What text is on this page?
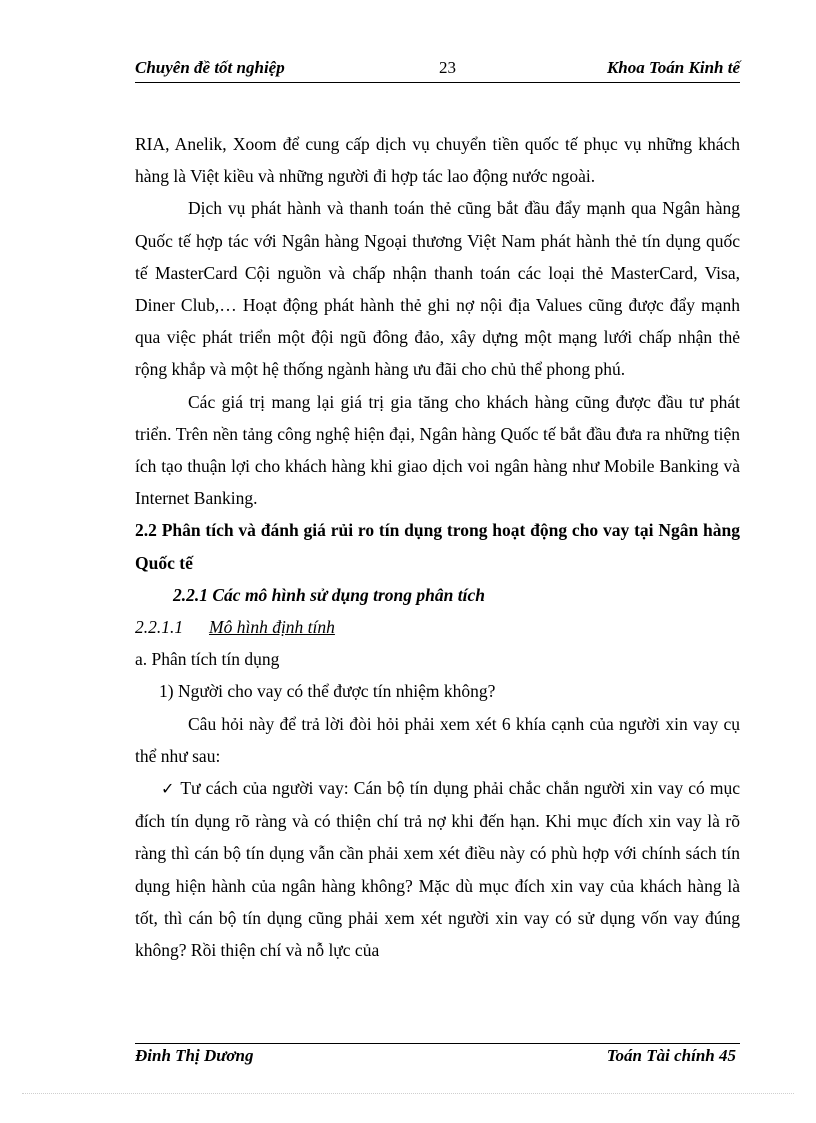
Chuyên đề tốt nghiệp	23	Khoa Toán Kinh tế

RIA, Anelik, Xoom để cung cấp dịch vụ chuyển tiền quốc tế phục vụ những khách hàng là Việt kiều và những người đi hợp tác lao động nước ngoài.

Dịch vụ phát hành và thanh toán thẻ cũng bắt đầu đẩy mạnh qua Ngân hàng Quốc tế hợp tác với Ngân hàng Ngoại thương Việt Nam phát hành thẻ tín dụng quốc tế MasterCard Cội nguồn và chấp nhận thanh toán các loại thẻ MasterCard, Visa, Diner Club,… Hoạt động phát hành thẻ ghi nợ nội địa Values cũng được đẩy mạnh qua việc phát triển một đội ngũ đông đảo, xây dựng một mạng lưới chấp nhận thẻ rộng khắp và một hệ thống ngành hàng ưu đãi cho chủ thể phong phú.

Các giá trị mang lại giá trị gia tăng cho khách hàng cũng được đầu tư phát triển. Trên nền tảng công nghệ hiện đại, Ngân hàng Quốc tế bắt đầu đưa ra những tiện ích tạo thuận lợi cho khách hàng khi giao dịch voi ngân hàng như Mobile Banking và Internet Banking.

2.2 Phân tích và đánh giá rủi ro tín dụng trong hoạt động cho vay tại Ngân hàng Quốc tế

2.2.1 Các mô hình sử dụng trong phân tích

2.2.1.1 Mô hình định tính

a. Phân tích tín dụng

1) Người cho vay có thể được tín nhiệm không?

Câu hỏi này để trả lời đòi hỏi phải xem xét 6 khía cạnh của người xin vay cụ thể như sau:

✓ Tư cách của người vay: Cán bộ tín dụng phải chắc chắn người xin vay có mục đích tín dụng rõ ràng và có thiện chí trả nợ khi đến hạn. Khi mục đích xin vay là rõ ràng thì cán bộ tín dụng vẫn cần phải xem xét điều này có phù hợp với chính sách tín dụng hiện hành của ngân hàng không? Mặc dù mục đích xin vay của khách hàng là tốt, thì cán bộ tín dụng cũng phải xem xét người xin vay có sử dụng vốn vay đúng không? Rồi thiện chí và nỗ lực của

Đinh Thị Dương	Toán Tài chính 45
